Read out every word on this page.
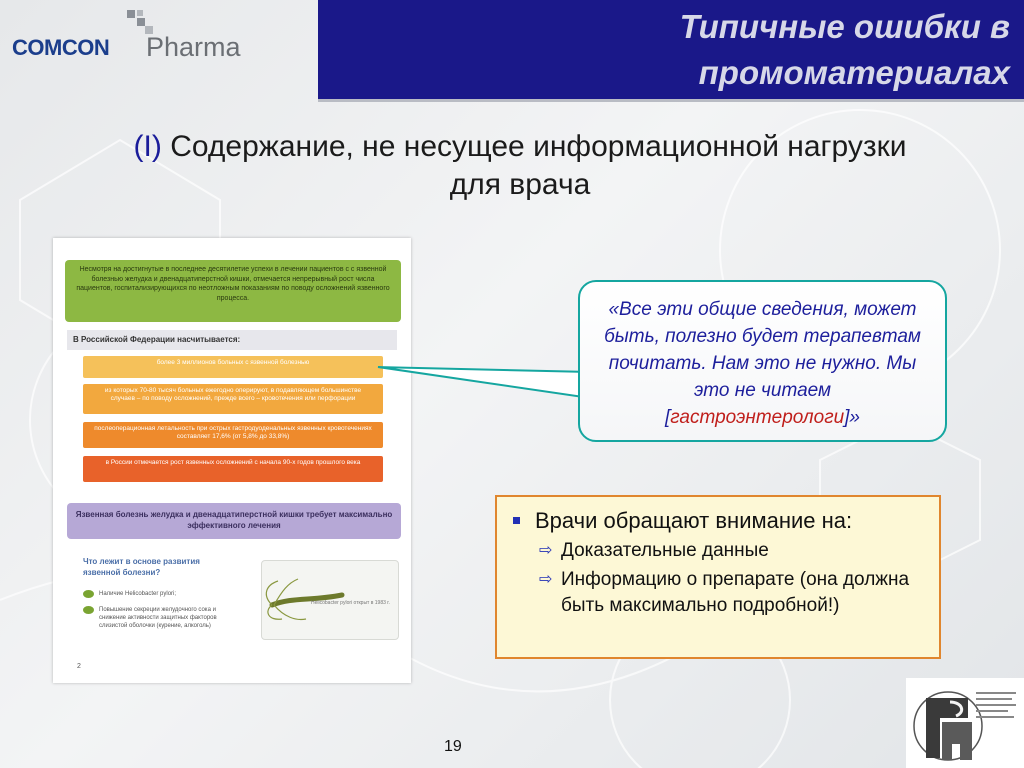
COMCON Pharma
Типичные ошибки в
промоматериалах
(I) Содержание, не несущее информационной нагрузки
для врача
Несмотря на достигнутые в последнее десятилетие успехи в лечении пациентов с с язвенной болезнью желудка и двенадцатиперстной кишки, отмечается непрерывный рост числа пациентов, госпитализирующихся по неотложным показаниям по поводу осложнений язвенного процесса.
В Российской Федерации насчитывается:
более 3 миллионов больных с язвенной болезнью
из которых 70-80 тысяч больных ежегодно оперируют, в подавляющем большинстве случаев – по поводу осложнений, прежде всего – кровотечения или перфорации
послеоперационная летальность при острых гастродуоденальных язвенных кровотечениях составляет 17,6% (от 5,8% до 33,8%)
в России отмечается рост язвенных осложнений с начала 90-х годов прошлого века
Язвенная болезнь желудка и двенадцатиперстной кишки требует максимально эффективного лечения
Что лежит в основе развития язвенной болезни?
Наличие Helicobacter pylori;
Повышение секреции желудочного сока и снижение активности защитных факторов слизистой оболочки (курение, алкоголь)
Helicobacter pylori открыт в 1983 г.
2
«Все эти общие сведения, может быть, полезно будет терапевтам почитать. Нам это не нужно. Мы это не читаем [гастроэнтерологи]»
Врачи обращают внимание на:
⇨ Доказательные данные
⇨ Информацию о препарате (она должна быть максимально подробной!)
19
